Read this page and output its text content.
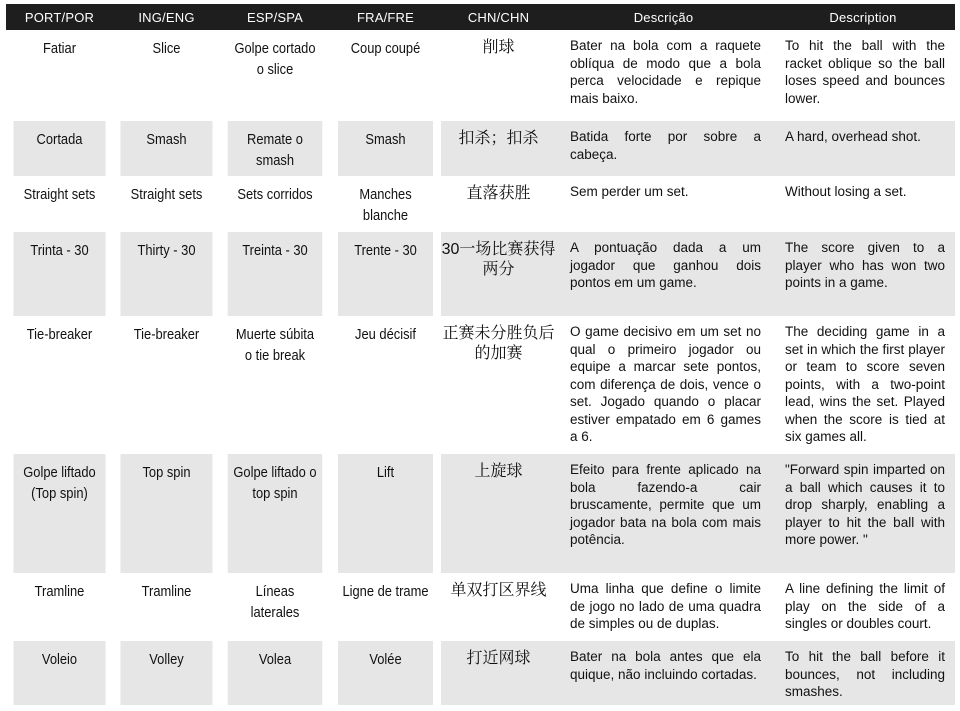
PORT/POR	ING/ENG	ESP/SPA	FRA/FRE	CHN/CHN	Descrição	Description
Fatiar	Slice	Golpe cortado o slice	Coup coupé	削球	Bater na bola com a raquete oblíqua de modo que a bola perca velocidade e repique mais baixo.	To hit the ball with the racket oblique so the ball loses speed and bounces lower.
Cortada	Smash	Remate o smash	Smash	扣杀；扣杀	Batida forte por sobre a cabeça.	A hard, overhead shot.
Straight sets	Straight sets	Sets corridos	Manches blanche	直落获胜	Sem perder um set.	Without losing a set.
Trinta - 30	Thirty - 30	Treinta - 30	Trente - 30	30一场比赛获得两分	A pontuação dada a um jogador que ganhou dois pontos em um game.	The score given to a player who has won two points in a game.
Tie-breaker	Tie-breaker	Muerte súbita o tie break	Jeu décisif	正赛未分胜负后的加赛	O game decisivo em um set no qual o primeiro jogador ou equipe a marcar sete pontos, com diferença de dois, vence o set. Jogado quando o placar estiver empatado em 6 games a 6.	The deciding game in a set in which the first player or team to score seven points, with a two-point lead, wins the set. Played when the score is tied at six games all.
Golpe liftado (Top spin)	Top spin	Golpe liftado o top spin	Lift	上旋球	Efeito para frente aplicado na bola fazendo-a cair bruscamente, permite que um jogador bata na bola com mais potência.	"Forward spin imparted on a ball which causes it to drop sharply, enabling a player to hit the ball with more power. "
Tramline	Tramline	Líneas laterales	Ligne de trame	单双打区界线	Uma linha que define o limite de jogo no lado de uma quadra de simples ou de duplas.	A line defining the limit of play on the side of a singles or doubles court.
Voleio	Volley	Volea	Volée	打近网球	Bater na bola antes que ela quique, não incluindo cortadas.	To hit the ball before it bounces, not including smashes.
